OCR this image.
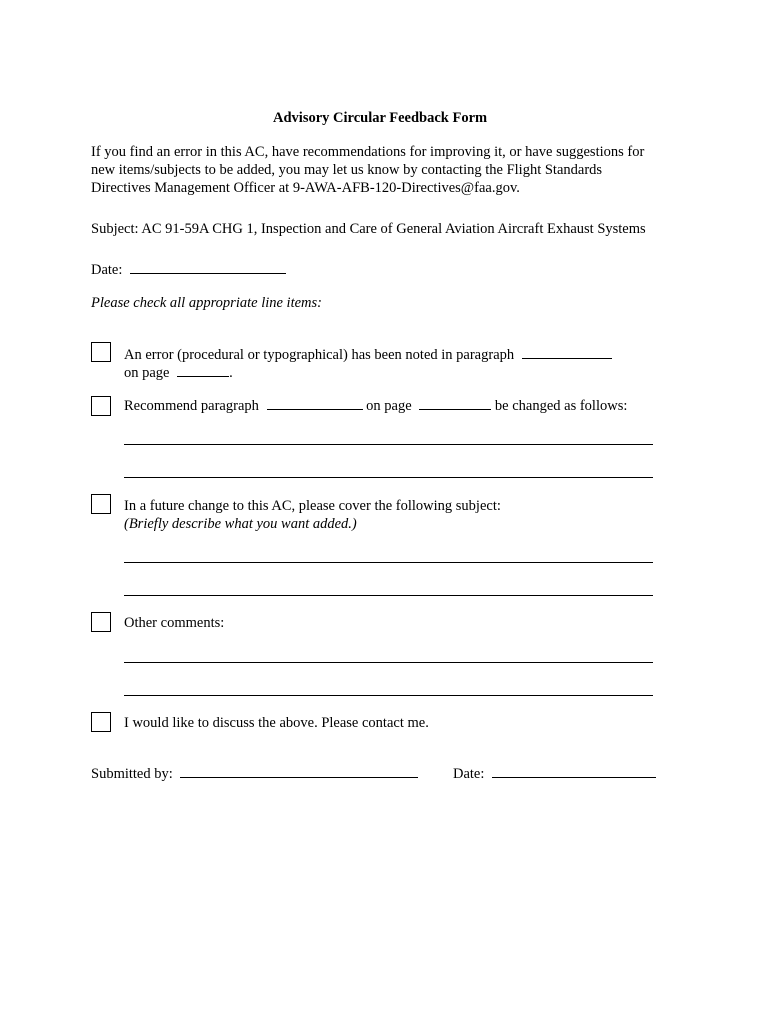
Advisory Circular Feedback Form
If you find an error in this AC, have recommendations for improving it, or have suggestions for
new items/subjects to be added, you may let us know by contacting the Flight Standards
Directives Management Officer at 9-AWA-AFB-120-Directives@faa.gov.
Subject: AC 91-59A CHG 1, Inspection and Care of General Aviation Aircraft Exhaust Systems
Date:
Please check all appropriate line items:
An error (procedural or typographical) has been noted in paragraph
on page	.
Recommend paragraph	on page	be changed as follows:
In a future change to this AC, please cover the following subject:
(Briefly describe what you want added.)
Other comments:
I would like to discuss the above. Please contact me.
Submitted by:	Date:
